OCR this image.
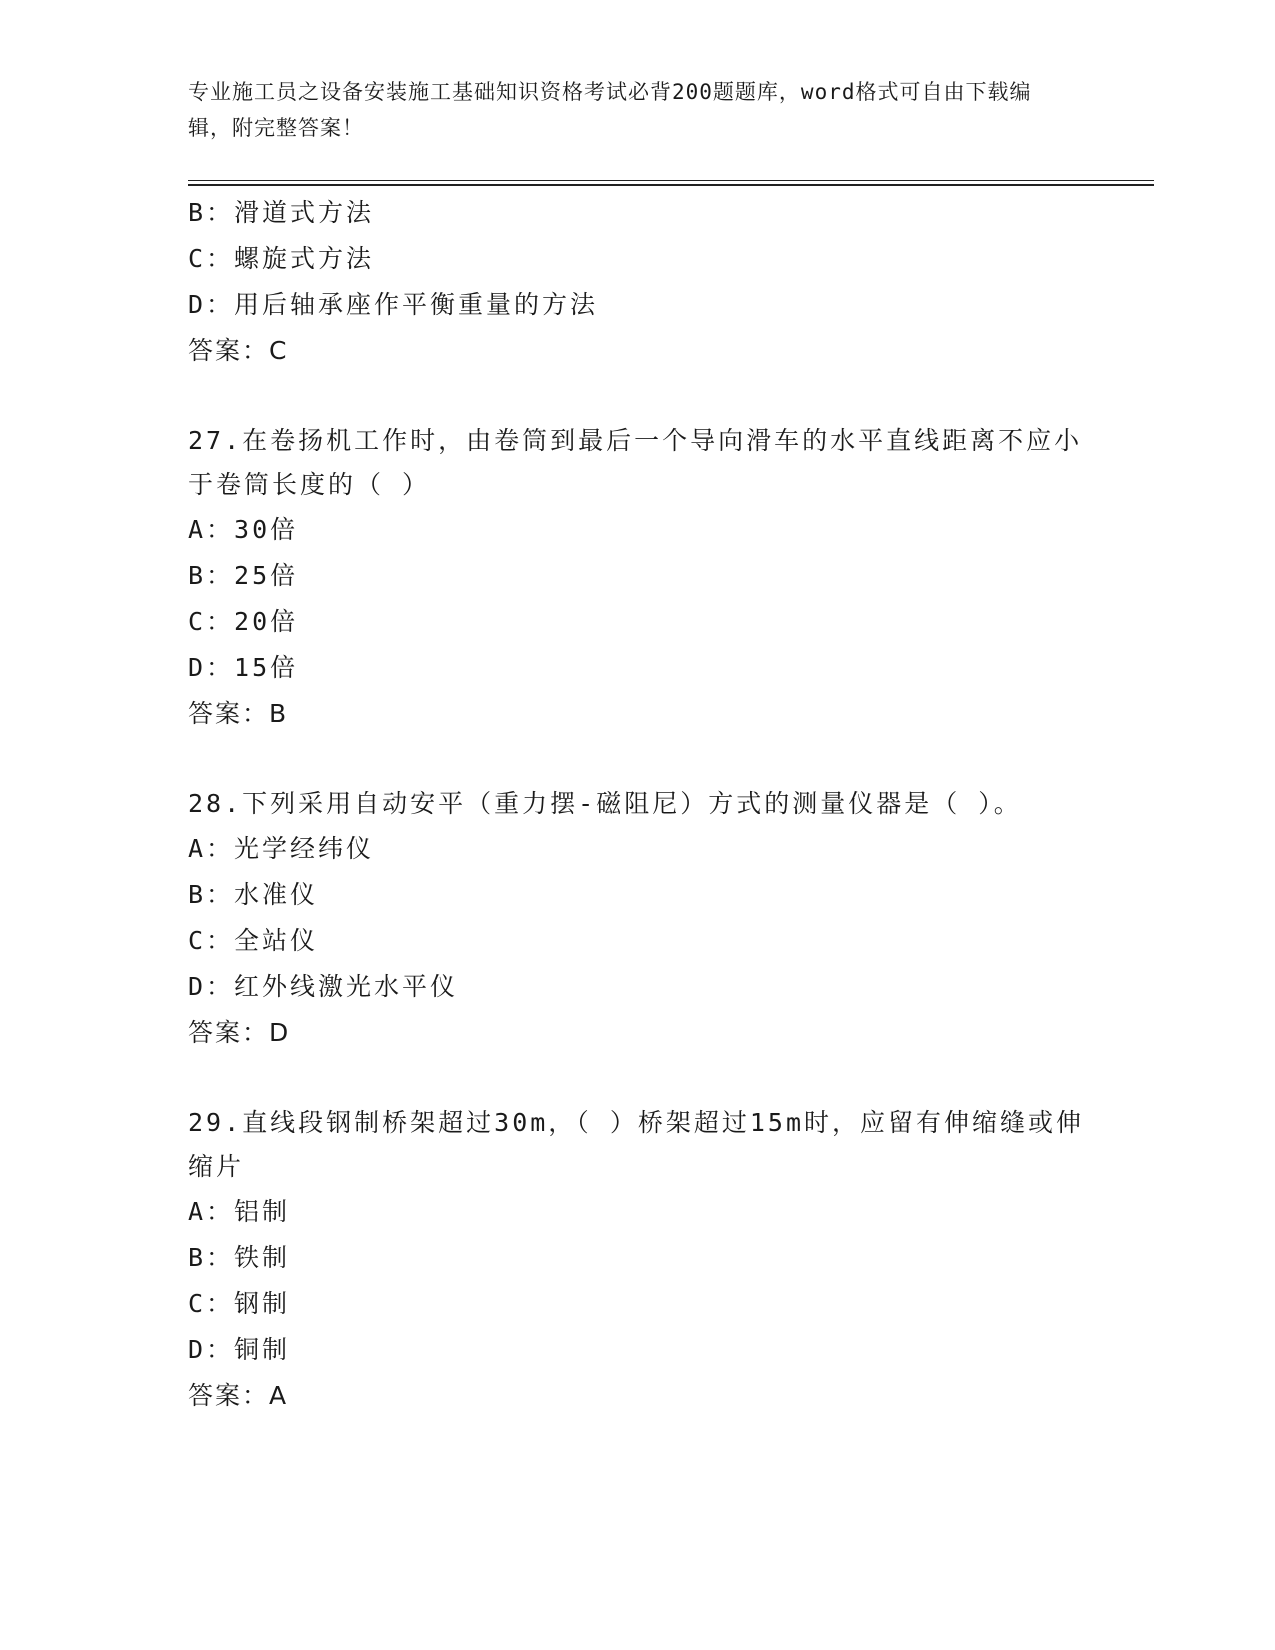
专业施工员之设备安装施工基础知识资格考试必背200题题库，word格式可自由下载编辑，附完整答案！
B：滑道式方法
C：螺旋式方法
D：用后轴承座作平衡重量的方法
答案：C
27.在卷扬机工作时，由卷筒到最后一个导向滑车的水平直线距离不应小于卷筒长度的（ ）
A：30倍
B：25倍
C：20倍
D：15倍
答案：B
28.下列采用自动安平（重力摆-磁阻尼）方式的测量仪器是（ ）。
A：光学经纬仪
B：水准仪
C：全站仪
D：红外线激光水平仪
答案：D
29.直线段钢制桥架超过30m，（ ）桥架超过15m时，应留有伸缩缝或伸缩片
A：铝制
B：铁制
C：钢制
D：铜制
答案：A
